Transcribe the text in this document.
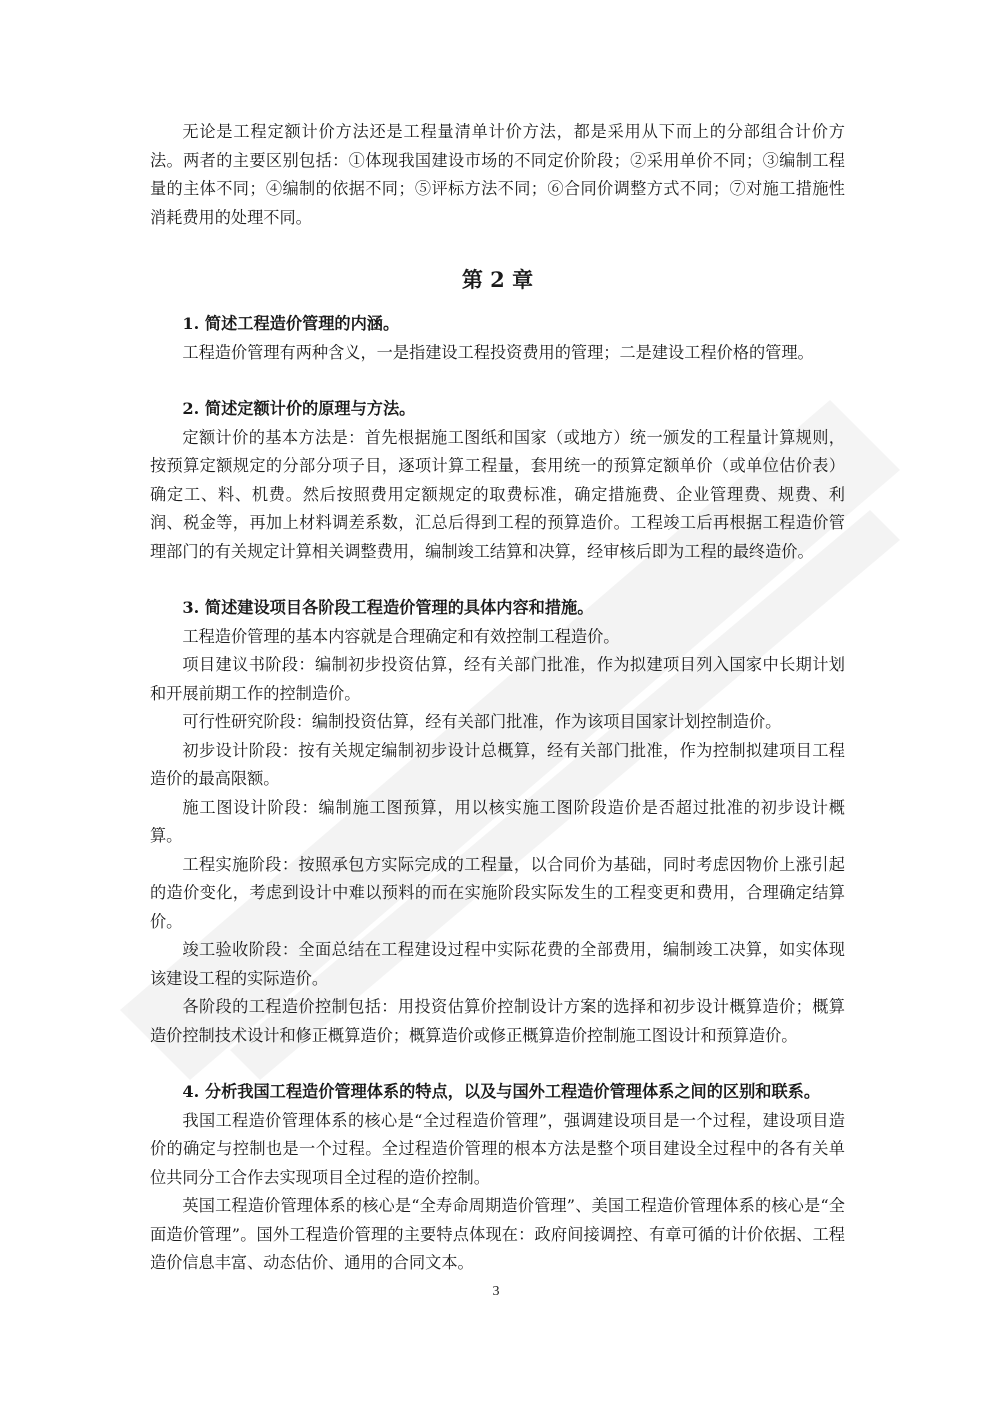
无论是工程定额计价方法还是工程量清单计价方法，都是采用从下而上的分部组合计价方法。两者的主要区别包括：①体现我国建设市场的不同定价阶段；②采用单价不同；③编制工程量的主体不同；④编制的依据不同；⑤评标方法不同；⑥合同价调整方式不同；⑦对施工措施性消耗费用的处理不同。

第 2 章
1. 简述工程造价管理的内涵。

工程造价管理有两种含义，一是指建设工程投资费用的管理；二是建设工程价格的管理。

2. 简述定额计价的原理与方法。

定额计价的基本方法是：首先根据施工图纸和国家（或地方）统一颁发的工程量计算规则，按预算定额规定的分部分项子目，逐项计算工程量，套用统一的预算定额单价（或单位估价表）确定工、料、机费。然后按照费用定额规定的取费标准，确定措施费、企业管理费、规费、利润、税金等，再加上材料调差系数，汇总后得到工程的预算造价。工程竣工后再根据工程造价管理部门的有关规定计算相关调整费用，编制竣工结算和决算，经审核后即为工程的最终造价。

3. 简述建设项目各阶段工程造价管理的具体内容和措施。

工程造价管理的基本内容就是合理确定和有效控制工程造价。

项目建议书阶段：编制初步投资估算，经有关部门批准，作为拟建项目列入国家中长期计划和开展前期工作的控制造价。

可行性研究阶段：编制投资估算，经有关部门批准，作为该项目国家计划控制造价。

初步设计阶段：按有关规定编制初步设计总概算，经有关部门批准，作为控制拟建项目工程造价的最高限额。

施工图设计阶段：编制施工图预算，用以核实施工图阶段造价是否超过批准的初步设计概算。

工程实施阶段：按照承包方实际完成的工程量，以合同价为基础，同时考虑因物价上涨引起的造价变化，考虑到设计中难以预料的而在实施阶段实际发生的工程变更和费用，合理确定结算价。

竣工验收阶段：全面总结在工程建设过程中实际花费的全部费用，编制竣工决算，如实体现该建设工程的实际造价。

各阶段的工程造价控制包括：用投资估算价控制设计方案的选择和初步设计概算造价；概算造价控制技术设计和修正概算造价；概算造价或修正概算造价控制施工图设计和预算造价。

4. 分析我国工程造价管理体系的特点，以及与国外工程造价管理体系之间的区别和联系。

我国工程造价管理体系的核心是“全过程造价管理”，强调建设项目是一个过程，建设项目造价的确定与控制也是一个过程。全过程造价管理的根本方法是整个项目建设全过程中的各有关单位共同分工合作去实现项目全过程的造价控制。

英国工程造价管理体系的核心是“全寿命周期造价管理”、美国工程造价管理体系的核心是“全面造价管理”。国外工程造价管理的主要特点体现在：政府间接调控、有章可循的计价依据、工程造价信息丰富、动态估价、通用的合同文本。

3
